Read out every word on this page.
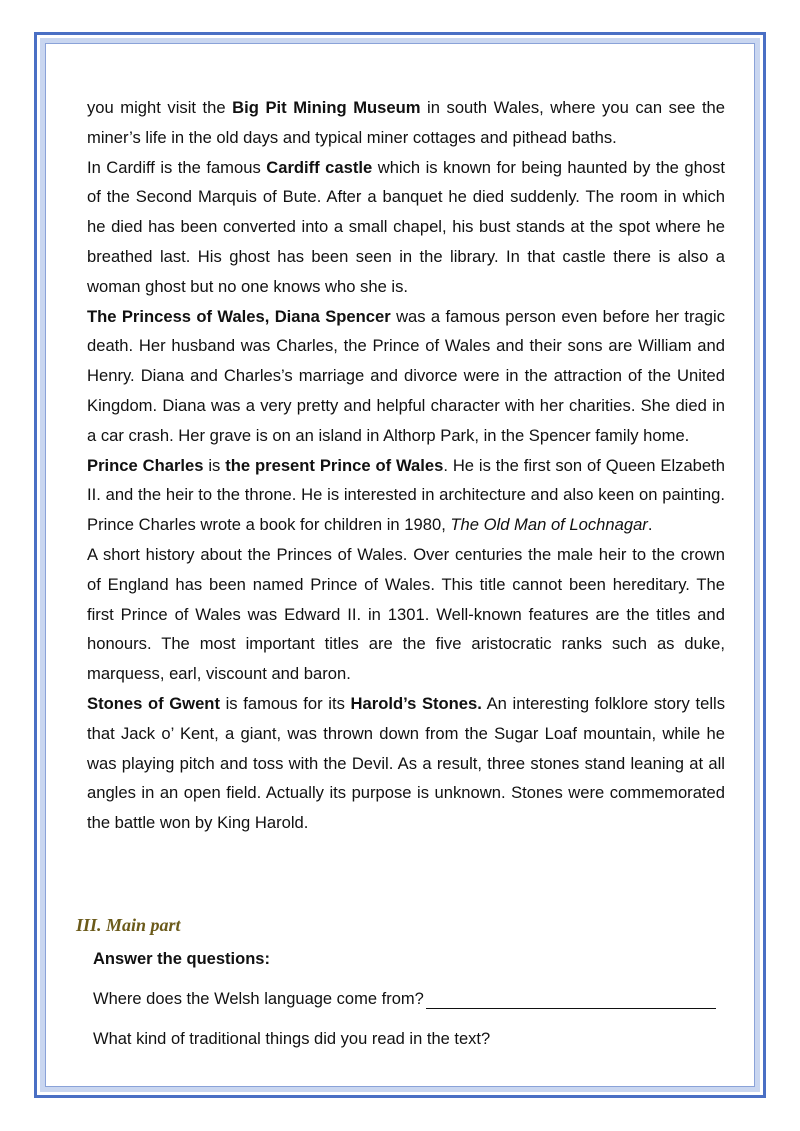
you might visit the Big Pit Mining Museum in south Wales, where you can see the miner’s life in the old days and typical miner cottages and pithead baths.

In Cardiff is the famous Cardiff castle which is known for being haunted by the ghost of the Second Marquis of Bute. After a banquet he died suddenly. The room in which he died has been converted into a small chapel, his bust stands at the spot where he breathed last. His ghost has been seen in the library. In that castle there is also a woman ghost but no one knows who she is.

The Princess of Wales, Diana Spencer was a famous person even before her tragic death. Her husband was Charles, the Prince of Wales and their sons are William and Henry. Diana and Charles’s marriage and divorce were in the attraction of the United Kingdom. Diana was a very pretty and helpful character with her charities. She died in a car crash. Her grave is on an island in Althorp Park, in the Spencer family home.

Prince Charles is the present Prince of Wales. He is the first son of Queen Elzabeth II. and the heir to the throne. He is interested in architecture and also keen on painting. Prince Charles wrote a book for children in 1980, The Old Man of Lochnagar.

A short history about the Princes of Wales. Over centuries the male heir to the crown of England has been named Prince of Wales. This title cannot been hereditary. The first Prince of Wales was Edward II. in 1301. Well-known features are the titles and honours. The most important titles are the five aristocratic ranks such as duke, marquess, earl, viscount and baron.

Stones of Gwent is famous for its Harold’s Stones. An interesting folklore story tells that Jack o’ Kent, a giant, was thrown down from the Sugar Loaf mountain, while he was playing pitch and toss with the Devil. As a result, three stones stand leaning at all angles in an open field. Actually its purpose is unknown. Stones were commemorated the battle won by King Harold.

III. Main part
Answer the questions:
Where does the Welsh language come from?
What kind of traditional things did you read in the text?
